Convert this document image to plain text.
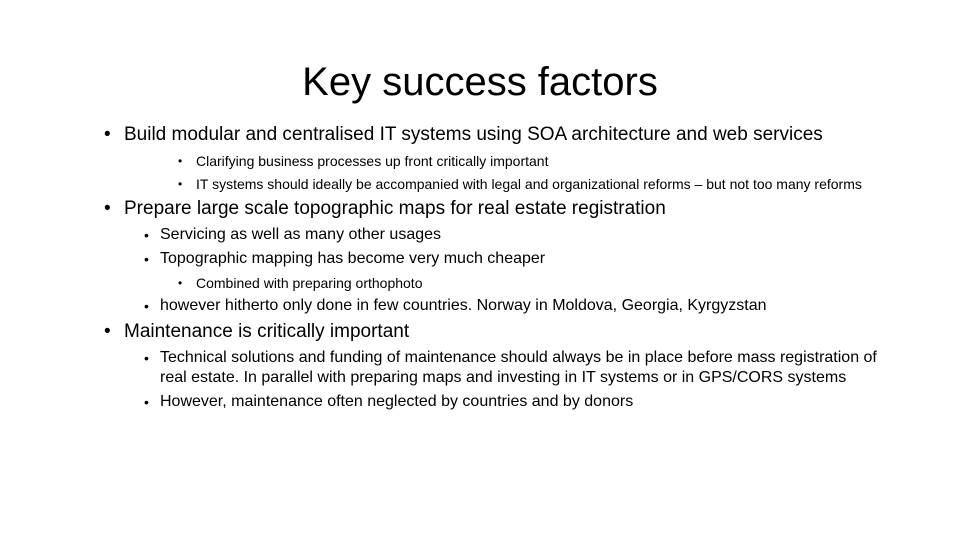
Key success factors
• Build modular and centralised IT systems using SOA architecture and web services
• Clarifying business processes up front critically important
• IT systems should ideally be accompanied with legal and organizational reforms – but not too many reforms
• Prepare large scale topographic maps for real estate registration
• Servicing as well as many other usages
• Topographic mapping has become very much cheaper
• Combined with preparing orthophoto
• however hitherto only done in few countries. Norway in Moldova, Georgia, Kyrgyzstan
• Maintenance is critically important
• Technical solutions and funding of maintenance should always be in place before mass registration of real estate. In parallel with preparing maps and investing in IT systems or in GPS/CORS systems
• However, maintenance often neglected by countries and by donors
